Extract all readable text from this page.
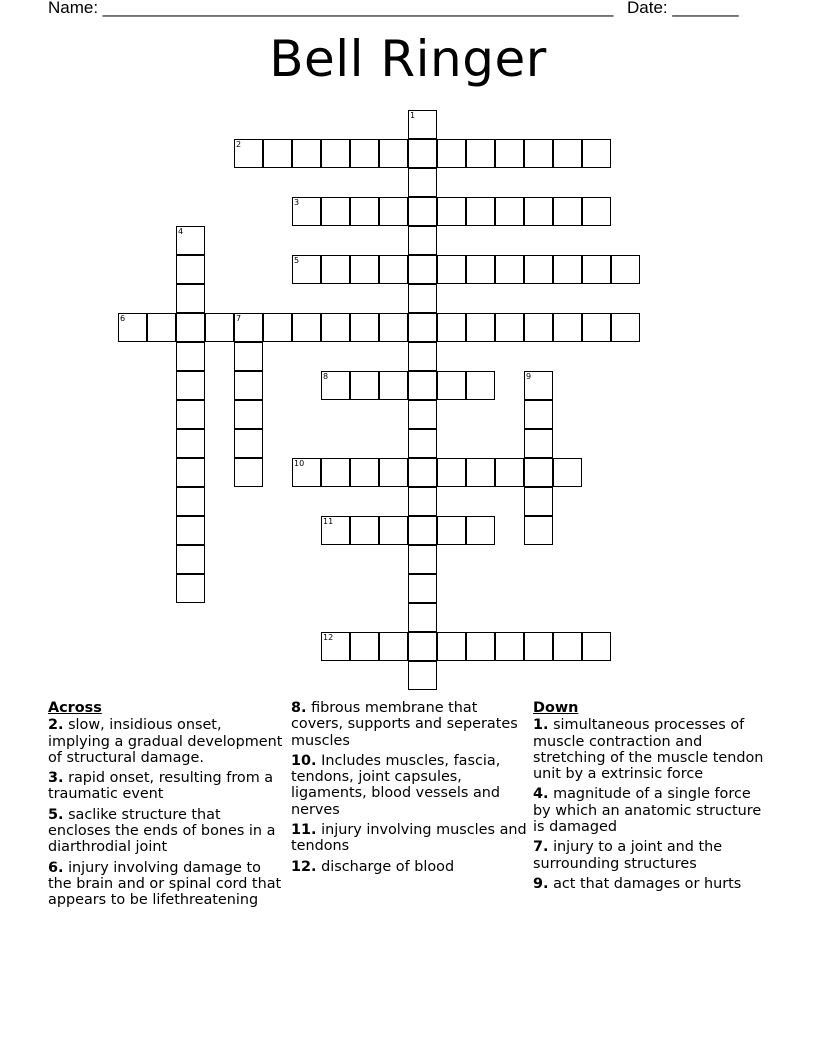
Name: ______________________________________________________ Date: _______
Bell Ringer
1
2
3
4
5
6	7
8	9
10
11
12
Across
2. slow, insidious onset, implying a gradual development of structural damage.
3. rapid onset, resulting from a traumatic event
5. saclike structure that encloses the ends of bones in a diarthrodial joint
6. injury involving damage to the brain and or spinal cord that appears to be lifethreatening
8. fibrous membrane that covers, supports and seperates muscles
10. Includes muscles, fascia, tendons, joint capsules, ligaments, blood vessels and nerves
11. injury involving muscles and tendons
12. discharge of blood
Down
1. simultaneous processes of muscle contraction and stretching of the muscle tendon unit by a extrinsic force
4. magnitude of a single force by which an anatomic structure is damaged
7. injury to a joint and the surrounding structures
9. act that damages or hurts
